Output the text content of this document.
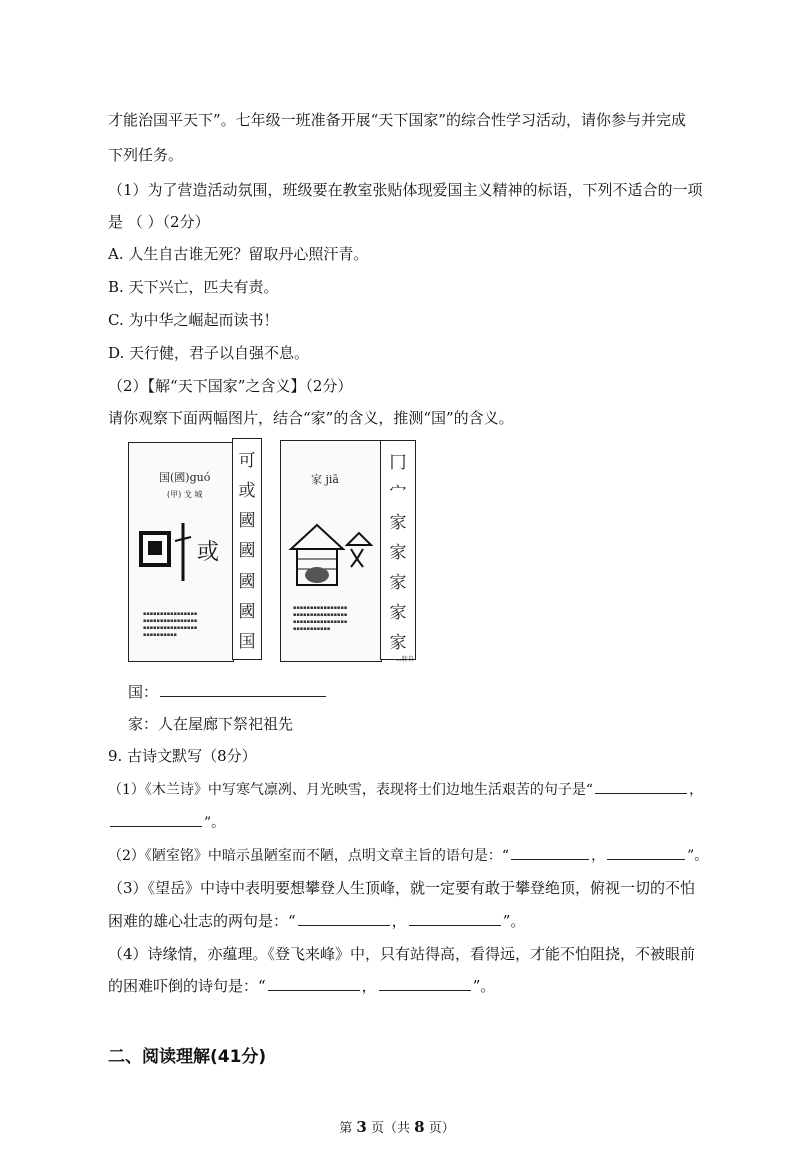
才能治国平天下”。七年级一班准备开展“天下国家”的综合性学习活动，请你参与并完成
下列任务。
（1）为了营造活动氛围，班级要在教室张贴体现爱国主义精神的标语，下列不适合的一项
是 （ ）（2分）
A. 人生自古谁无死？留取丹心照汗青。
B. 天下兴亡，匹夫有责。
C. 为中华之崛起而读书！
D. 天行健，君子以自强不息。
（2）【解“天下国家”之含义】（2分）
请你观察下面两幅图片，结合“家”的含义，推测“国”的含义。
国(國)guó
(甲) 戈 城
或
▪▪▪▪▪▪▪▪▪▪▪▪▪▪▪▪
▪▪▪▪▪▪▪▪▪▪▪▪▪▪▪▪
▪▪▪▪▪▪▪▪▪▪▪▪▪▪▪▪
▪▪▪▪▪▪▪▪▪▪
可
或
國
國
國
國
国
家 jiā
▪▪▪▪▪▪▪▪▪▪▪▪▪▪▪▪
▪▪▪▪▪▪▪▪▪▪▪▪▪▪▪▪
▪▪▪▪▪▪▪▪▪▪▪▪▪▪▪▪
▪▪▪▪▪▪▪▪▪▪▪
冂
宀
家
家
家
家
家
...转自
国：
家：人在屋廊下祭祀祖先
9. 古诗文默写（8分）
（1）《木兰诗》中写寒气凛冽、月光映雪，表现将士们边地生活艰苦的句子是“	，
”。
（2）《陋室铭》中暗示虽陋室而不陋，点明文章主旨的语句是：“	，	”。
（3）《望岳》中诗中表明要想攀登人生顶峰，就一定要有敢于攀登绝顶，俯视一切的不怕
困难的雄心壮志的两句是：“	，	”。
（4）诗缘情，亦蕴理。《登飞来峰》中，只有站得高，看得远，才能不怕阻挠，不被眼前
的困难吓倒的诗句是：“	，	”。
二、阅读理解(41分)
第 3 页（共 8 页）
